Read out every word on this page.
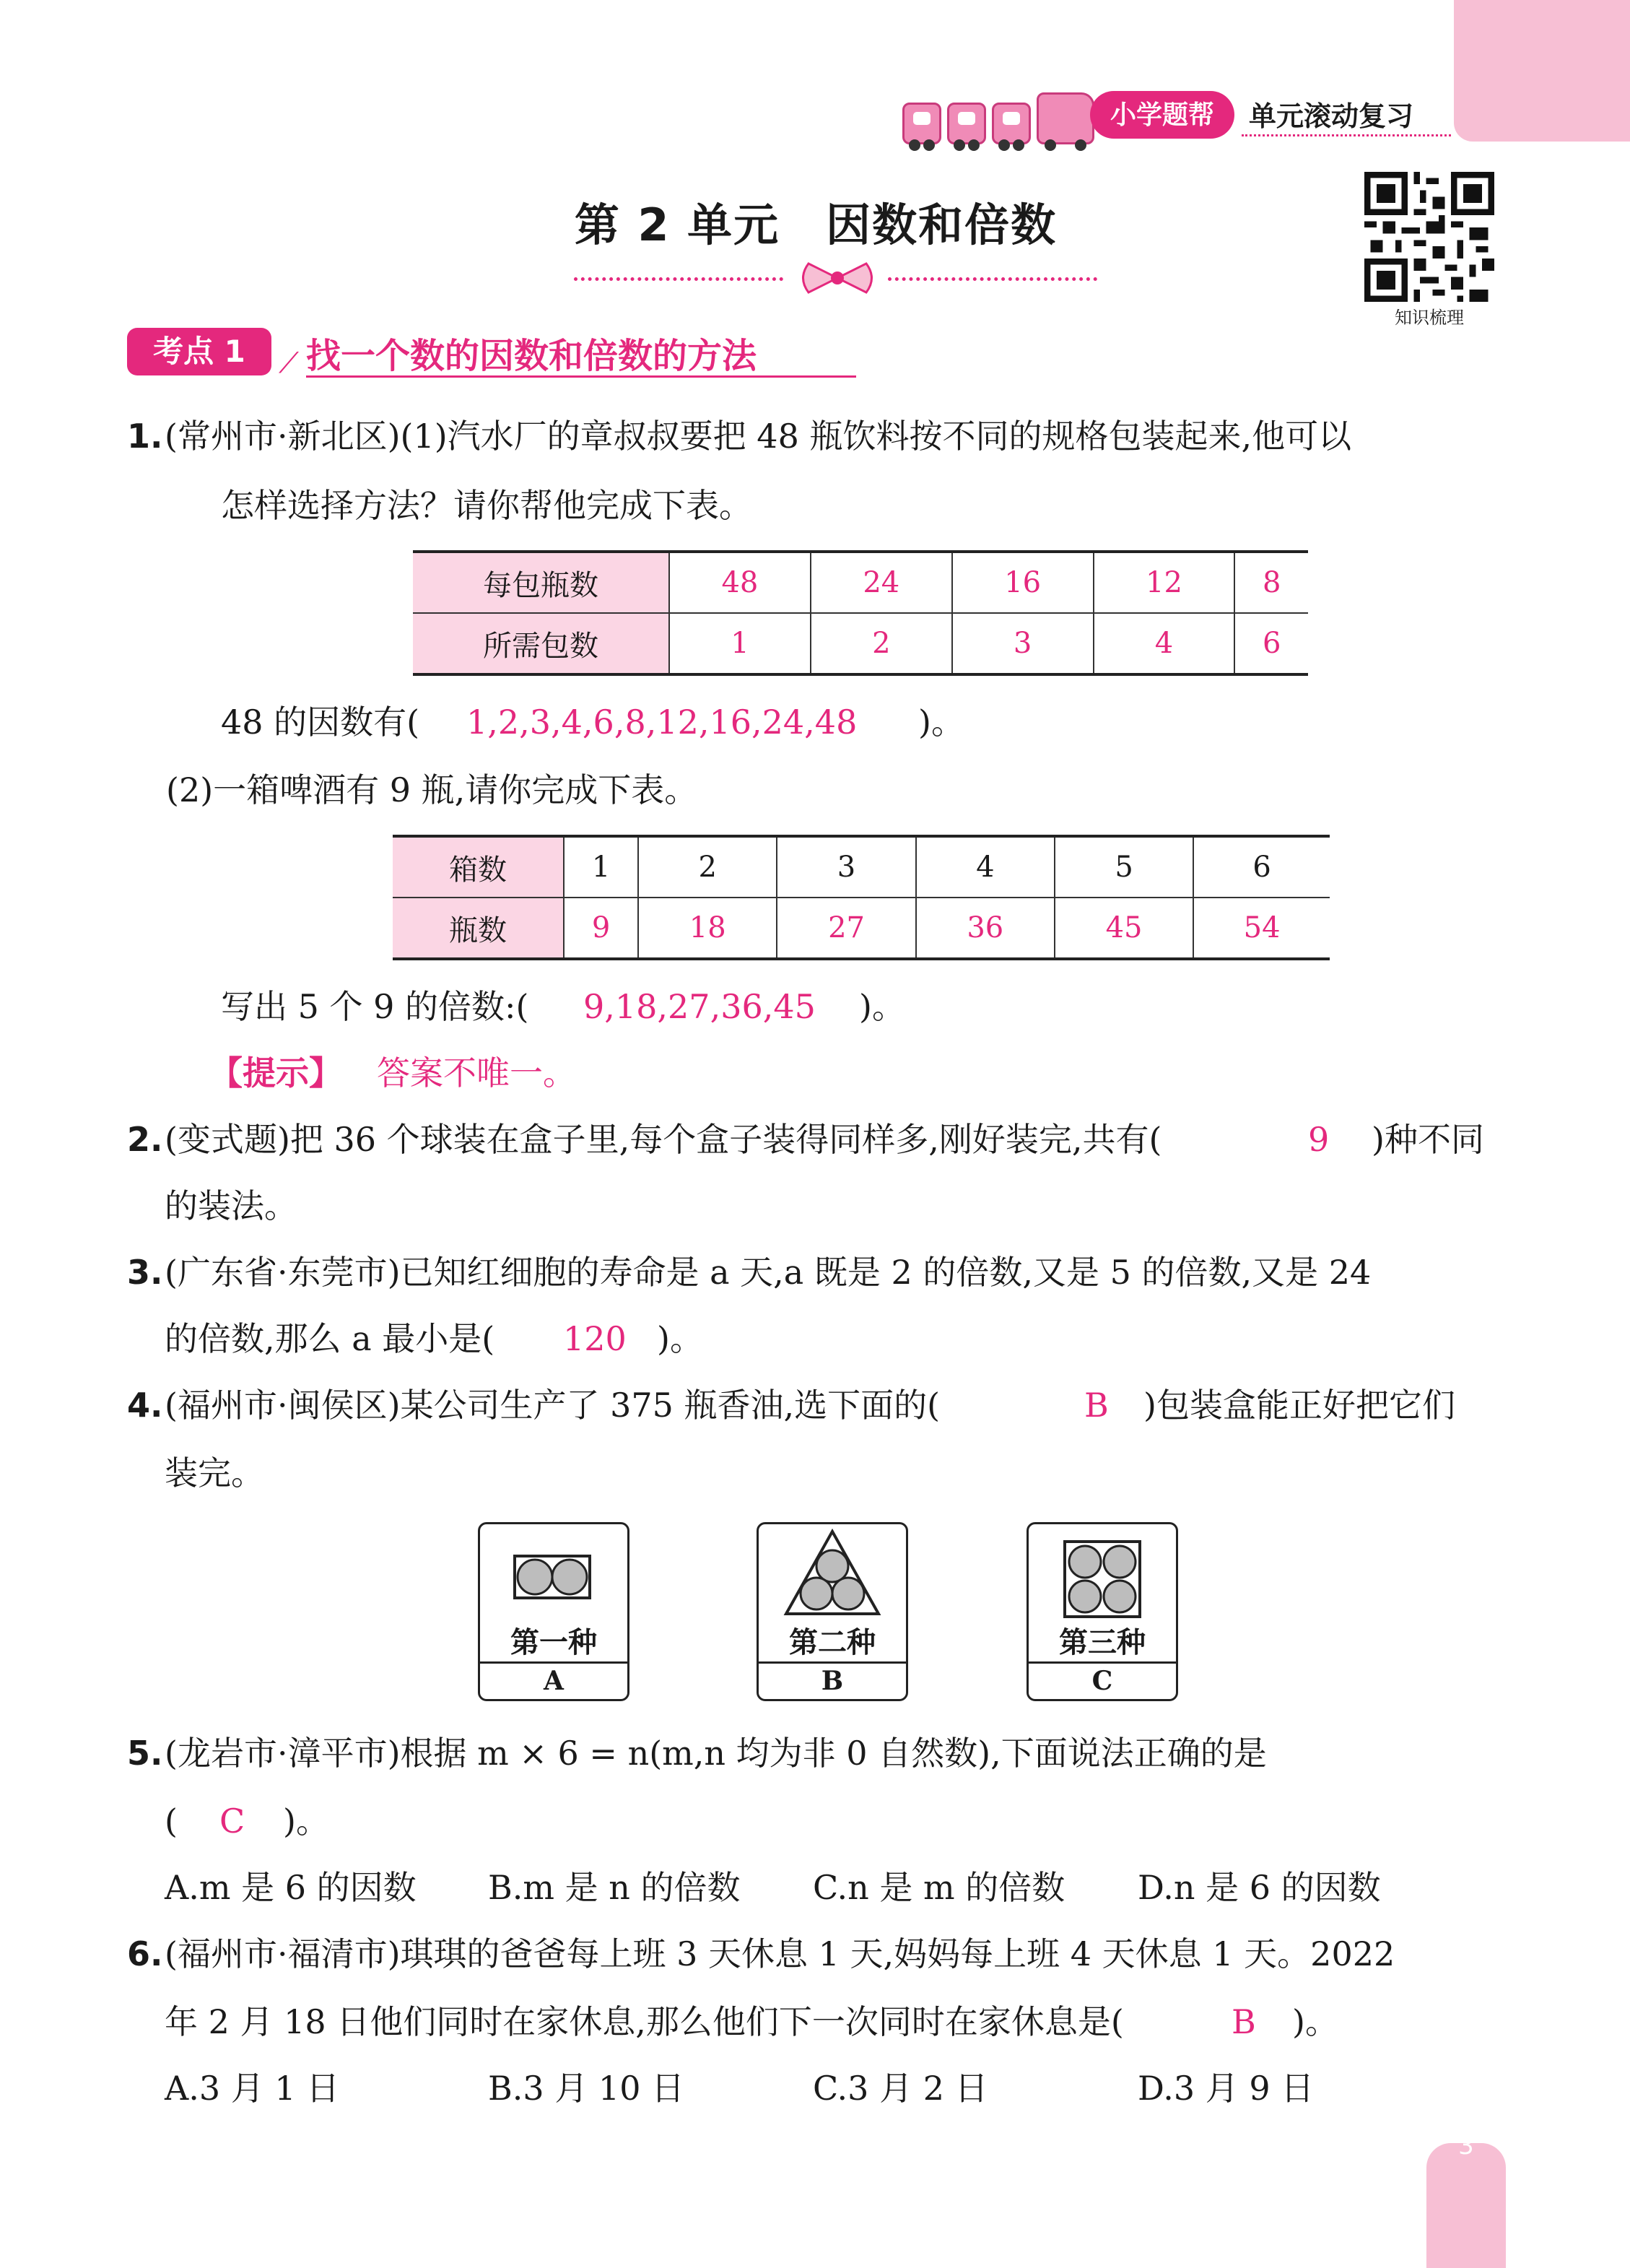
小学题帮	单元滚动复习
第 2 单元　因数和倍数
知识梳理
考点 1	⟋ 找一个数的因数和倍数的方法
1. (常州市·新北区)(1)汽水厂的章叔叔要把 48 瓶饮料按不同的规格包装起来,他可以
怎样选择方法？请你帮他完成下表。
每包瓶数	48	24	16	12	8
所需包数	1	2	3	4	6
48 的因数有( 1,2,3,4,6,8,12,16,24,48 )。
(2)一箱啤酒有 9 瓶,请你完成下表。
箱数	1	2	3	4	5	6
瓶数	9	18	27	36	45	54
写出 5 个 9 的倍数:( 9,18,27,36,45 )。
【提示】 答案不唯一。
2. (变式题)把 36 个球装在盒子里,每个盒子装得同样多,刚好装完,共有(	9 )种不同
的装法。
3. (广东省·东莞市)已知红细胞的寿命是 a 天,a 既是 2 的倍数,又是 5 的倍数,又是 24
的倍数,那么 a 最小是( 120 )。
4. (福州市·闽侯区)某公司生产了 375 瓶香油,选下面的(	B )包装盒能正好把它们
装完。
第一种
A
第二种
B
第三种
C
5. (龙岩市·漳平市)根据 m × 6 = n(m,n 均为非 0 自然数),下面说法正确的是
( C )。
A.m 是 6 的因数 B.m 是 n 的倍数 C.n 是 m 的倍数 D.n 是 6 的因数
6. (福州市·福清市)琪琪的爸爸每上班 3 天休息 1 天,妈妈每上班 4 天休息 1 天。2022
年 2 月 18 日他们同时在家休息,那么他们下一次同时在家休息是(	B )。
A.3 月 1 日	B.3 月 10 日	C.3 月 2 日	D.3 月 9 日
3
